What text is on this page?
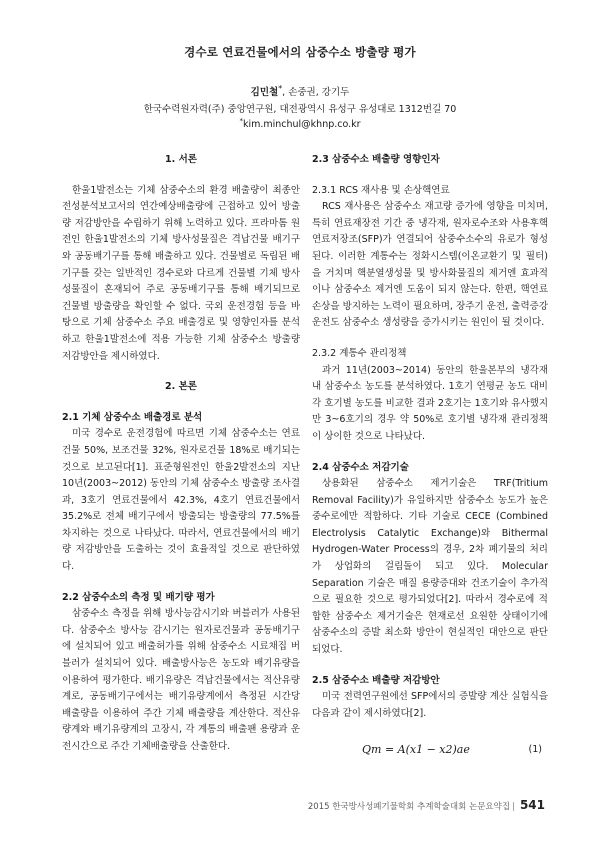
경수로 연료건물에서의 삼중수소 방출량 평가
김민철*, 손중권, 강기두
한국수력원자력(주) 중앙연구원, 대전광역시 유성구 유성대로 1312번길 70
*kim.minchul@khnp.co.kr

1. 서론

한울1발전소는 기체 삼중수소의 환경 배출량이 최종안전성분석보고서의 연간예상배출량에 근접하고 있어 방출량 저감방안을 수립하기 위해 노력하고 있다. 프라마톰 원전인 한울1발전소의 기체 방사성물질은 격납건물 배기구와 공동배기구를 통해 배출하고 있다. 건물별로 독립된 배기구를 갖는 일반적인 경수로와 다르게 건물별 기체 방사성물질이 혼재되어 주로 공동배기구를 통해 배기되므로 건물별 방출량을 확인할 수 없다. 국외 운전경험 등을 바탕으로 기체 삼중수소 주요 배출경로 및 영향인자를 분석하고 한울1발전소에 적용 가능한 기체 삼중수소 방출량 저감방안을 제시하였다.

2. 본론

2.1 기체 삼중수소 배출경로 분석

미국 경수로 운전경험에 따르면 기체 삼중수소는 연료건물 50%, 보조건물 32%, 원자로건물 18%로 배기되는 것으로 보고된다[1]. 표준형원전인 한울2발전소의 지난 10년(2003~2012) 동안의 기체 삼중수소 방출량 조사결과, 3호기 연료건물에서 42.3%, 4호기 연료건물에서 35.2%로 전체 배기구에서 방출되는 방출량의 77.5%를 차지하는 것으로 나타났다. 따라서, 연료건물에서의 배기량 저감방안을 도출하는 것이 효율적일 것으로 판단하였다.

2.2 삼중수소의 측정 및 배기량 평가

삼중수소 측정을 위해 방사능감시기와 버블러가 사용된다. 삼중수소 방사능 감시기는 원자로건물과 공동배기구에 설치되어 있고 배출허가를 위해 삼중수소 시료채집 버블러가 설치되어 있다. 배출방사능은 농도와 배기유량을 이용하여 평가한다. 배기유량은 격납건물에서는 적산유량계로, 공동배기구에서는 배기유량계에서 측정된 시간당 배출량을 이용하여 주간 기체 배출량을 계산한다. 적산유량계와 배기유량계의 고장시, 각 계통의 배출팬 용량과 운전시간으로 주간 기체배출량을 산출한다.

2.3 삼중수소 배출량 영향인자

2.3.1 RCS 재사용 및 손상핵연료

RCS 재사용은 삼중수소 재고량 증가에 영향을 미치며, 특히 연료재장전 기간 중 냉각재, 원자로수조와 사용후핵연료저장조(SFP)가 연결되어 삼중수소수의 유로가 형성된다. 이러한 계통수는 정화시스템(이온교환기 및 필터)을 거치며 핵분열생성물 및 방사화물질의 제거엔 효과적이나 삼중수소 제거엔 도움이 되지 않는다. 한편, 핵연료 손상을 방지하는 노력이 필요하며, 장주기 운전, 출력증강 운전도 삼중수소 생성량을 증가시키는 원인이 될 것이다.

2.3.2 계통수 관리정책

과거 11년(2003~2014) 동안의 한울본부의 냉각재 내 삼중수소 농도를 분석하였다. 1호기 연평균 농도 대비 각 호기별 농도를 비교한 결과 2호기는 1호기와 유사했지만 3~6호기의 경우 약 50%로 호기별 냉각재 관리정책이 상이한 것으로 나타났다.

2.4 삼중수소 저감기술

상용화된 삼중수소 제거기술은 TRF(Tritium Removal Facility)가 유일하지만 삼중수소 농도가 높은 중수로에만 적합하다. 기타 기술로 CECE (Combined Electrolysis Catalytic Exchange)와 Bithermal Hydrogen-Water Process의 경우, 2차 폐기물의 처리가 상업화의 걸림돌이 되고 있다. Molecular Separation 기술은 매질 용량증대와 건조기술이 추가적으로 필요한 것으로 평가되었다[2]. 따라서 경수로에 적합한 삼중수소 제거기술은 현재로선 요원한 상태이기에 삼중수소의 증발 최소화 방안이 현실적인 대안으로 판단되었다.

2.5 삼중수소 배출량 저감방안

미국 전력연구원에선 SFP에서의 증발량 계산 실험식을 다음과 같이 제시하였다[2].

Qm = A(x1 − x2)ae	(1)
2015 한국방사성폐기물학회 추계학술대회 논문요약집 | 541
